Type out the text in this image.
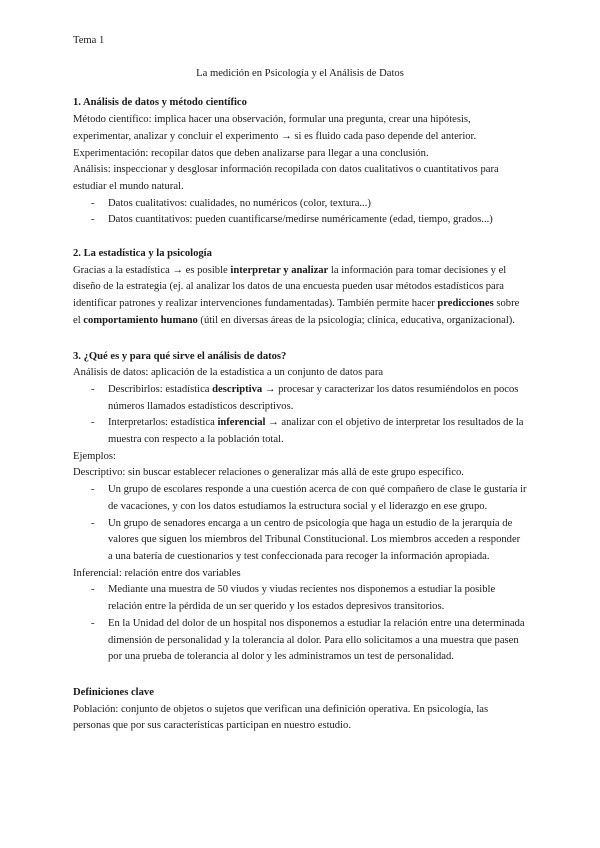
Tema 1
La medición en Psicología y el Análisis de Datos
1. Análisis de datos y método científico

Método científico: implica hacer una observación, formular una pregunta, crear una hipótesis, experimentar, analizar y concluir el experimento → si es fluido cada paso depende del anterior.

Experimentación: recopilar datos que deben analizarse para llegar a una conclusión.

Análisis: inspeccionar y desglosar información recopilada con datos cualitativos o cuantitativos para estudiar el mundo natural.

- Datos cualitativos: cualidades, no numéricos (color, textura...)
- Datos cuantitativos: pueden cuantificarse/medirse numéricamente (edad, tiempo, grados...)
2. La estadística y la psicología

Gracias a la estadística → es posible interpretar y analizar la información para tomar decisiones y el diseño de la estrategia (ej. al analizar los datos de una encuesta pueden usar métodos estadísticos para identificar patrones y realizar intervenciones fundamentadas). También permite hacer predicciones sobre el comportamiento humano (útil en diversas áreas de la psicología; clínica, educativa, organizacional).

3. ¿Qué es y para qué sirve el análisis de datos?

Análisis de datos: aplicación de la estadística a un conjunto de datos para

- Describirlos: estadística descriptiva → procesar y caracterizar los datos resumiéndolos en pocos números llamados estadísticos descriptivos.
- Interpretarlos: estadística inferencial → analizar con el objetivo de interpretar los resultados de la muestra con respecto a la población total.

Ejemplos:

Descriptivo: sin buscar establecer relaciones o generalizar más allá de este grupo específico.

- Un grupo de escolares responde a una cuestión acerca de con qué compañero de clase le gustaría ir de vacaciones, y con los datos estudiamos la estructura social y el liderazgo en ese grupo.
- Un grupo de senadores encarga a un centro de psicología que haga un estudio de la jerarquía de valores que siguen los miembros del Tribunal Constitucional. Los miembros acceden a responder a una batería de cuestionarios y test confeccionada para recoger la información apropiada.

Inferencial: relación entre dos variables

- Mediante una muestra de 50 viudos y viudas recientes nos disponemos a estudiar la posible relación entre la pérdida de un ser querido y los estados depresivos transitorios.
- En la Unidad del dolor de un hospital nos disponemos a estudiar la relación entre una determinada dimensión de personalidad y la tolerancia al dolor. Para ello solicitamos a una muestra que pasen por una prueba de tolerancia al dolor y les administramos un test de personalidad.
Definiciones clave

Población: conjunto de objetos o sujetos que verifican una definición operativa. En psicología, las personas que por sus características participan en nuestro estudio.
